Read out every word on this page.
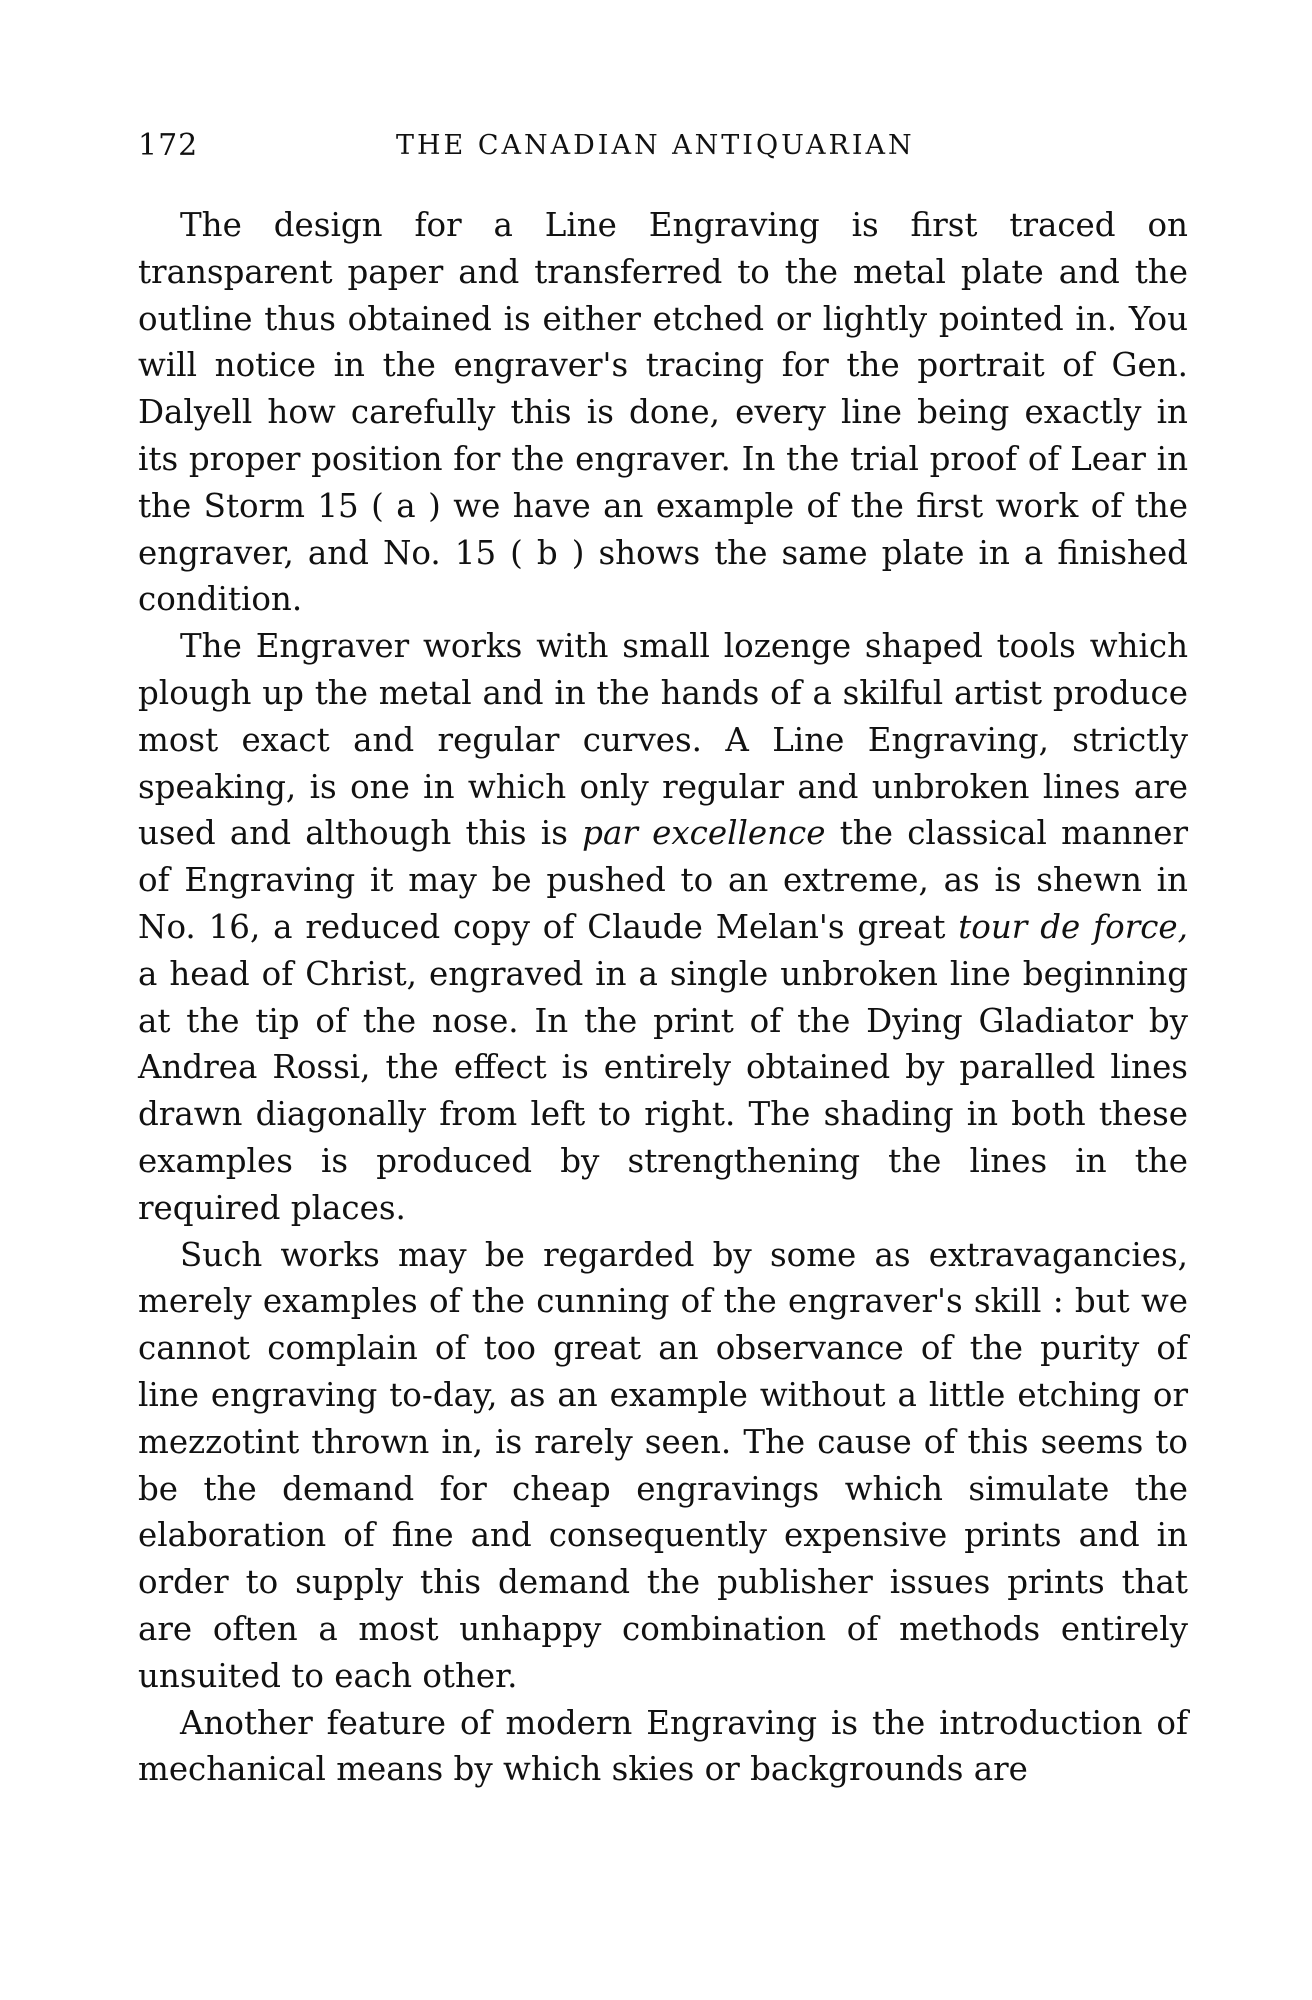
172	THE CANADIAN ANTIQUARIAN

The design for a Line Engraving is first traced on transparent paper and transferred to the metal plate and the outline thus obtained is either etched or lightly pointed in. You will notice in the engraver's tracing for the portrait of Gen. Dalyell how carefully this is done, every line being exactly in its proper position for the engraver. In the trial proof of Lear in the Storm 15 ( a ) we have an example of the first work of the engraver, and No. 15 ( b ) shows the same plate in a finished condition.

The Engraver works with small lozenge shaped tools which plough up the metal and in the hands of a skilful artist produce most exact and regular curves. A Line Engraving, strictly speaking, is one in which only regular and unbroken lines are used and although this is par excellence the classical manner of Engraving it may be pushed to an extreme, as is shewn in No. 16, a reduced copy of Claude Melan's great tour de force, a head of Christ, engraved in a single unbroken line beginning at the tip of the nose. In the print of the Dying Gladiator by Andrea Rossi, the effect is entirely obtained by paralled lines drawn diagonally from left to right. The shading in both these examples is produced by strengthening the lines in the required places.

Such works may be regarded by some as extravagancies, merely examples of the cunning of the engraver's skill : but we cannot complain of too great an observance of the purity of line engraving to-day, as an example without a little etching or mezzotint thrown in, is rarely seen. The cause of this seems to be the demand for cheap engravings which simulate the elaboration of fine and consequently expensive prints and in order to supply this demand the publisher issues prints that are often a most unhappy combination of methods entirely unsuited to each other.

Another feature of modern Engraving is the introduction of mechanical means by which skies or backgrounds are
